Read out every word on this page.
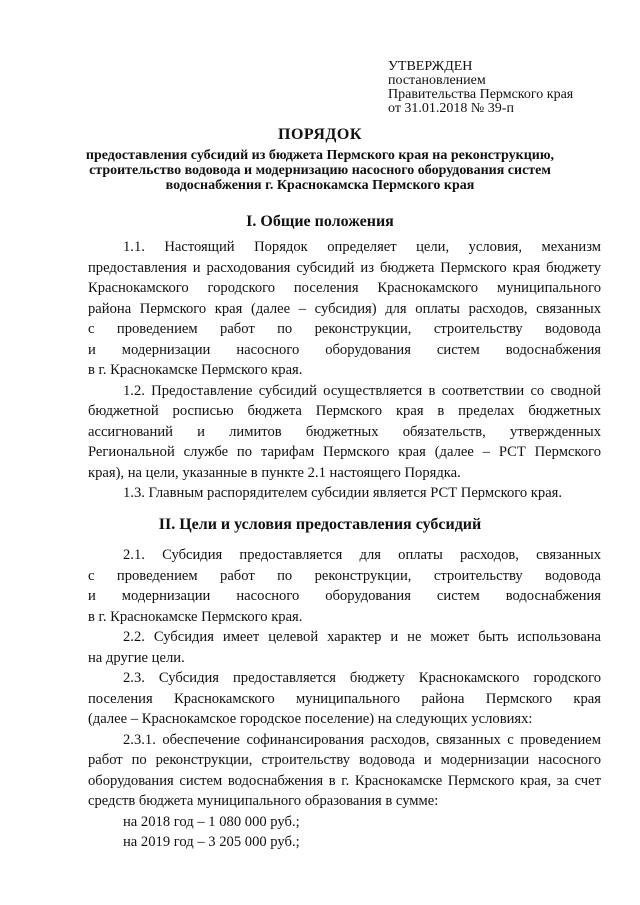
УТВЕРЖДЕН
постановлением
Правительства Пермского края
от 31.01.2018 № 39-п
ПОРЯДОК
предоставления субсидий из бюджета Пермского края на реконструкцию,
строительство водовода и модернизацию насосного оборудования систем
водоснабжения г. Краснокамска Пермского края
I. Общие положения
1.1. Настоящий Порядок определяет цели, условия, механизм
предоставления и расходования субсидий из бюджета Пермского края бюджету
Краснокамского городского поселения Краснокамского муниципального
района Пермского края (далее – субсидия) для оплаты расходов, связанных
с проведением работ по реконструкции, строительству водовода
и модернизации насосного оборудования систем водоснабжения
в г. Краснокамске Пермского края.
1.2. Предоставление субсидий осуществляется в соответствии со сводной
бюджетной росписью бюджета Пермского края в пределах бюджетных
ассигнований и лимитов бюджетных обязательств, утвержденных
Региональной службе по тарифам Пермского края (далее – РСТ Пермского
края), на цели, указанные в пункте 2.1 настоящего Порядка.
1.3. Главным распорядителем субсидии является РСТ Пермского края.
II. Цели и условия предоставления субсидий
2.1. Субсидия предоставляется для оплаты расходов, связанных
с проведением работ по реконструкции, строительству водовода
и модернизации насосного оборудования систем водоснабжения
в г. Краснокамске Пермского края.
2.2. Субсидия имеет целевой характер и не может быть использована
на другие цели.
2.3. Субсидия предоставляется бюджету Краснокамского городского
поселения Краснокамского муниципального района Пермского края
(далее – Краснокамское городское поселение) на следующих условиях:
2.3.1. обеспечение софинансирования расходов, связанных с проведением
работ по реконструкции, строительству водовода и модернизации насосного
оборудования систем водоснабжения в г. Краснокамске Пермского края, за счет
средств бюджета муниципального образования в сумме:
на 2018 год – 1 080 000 руб.;
на 2019 год – 3 205 000 руб.;
